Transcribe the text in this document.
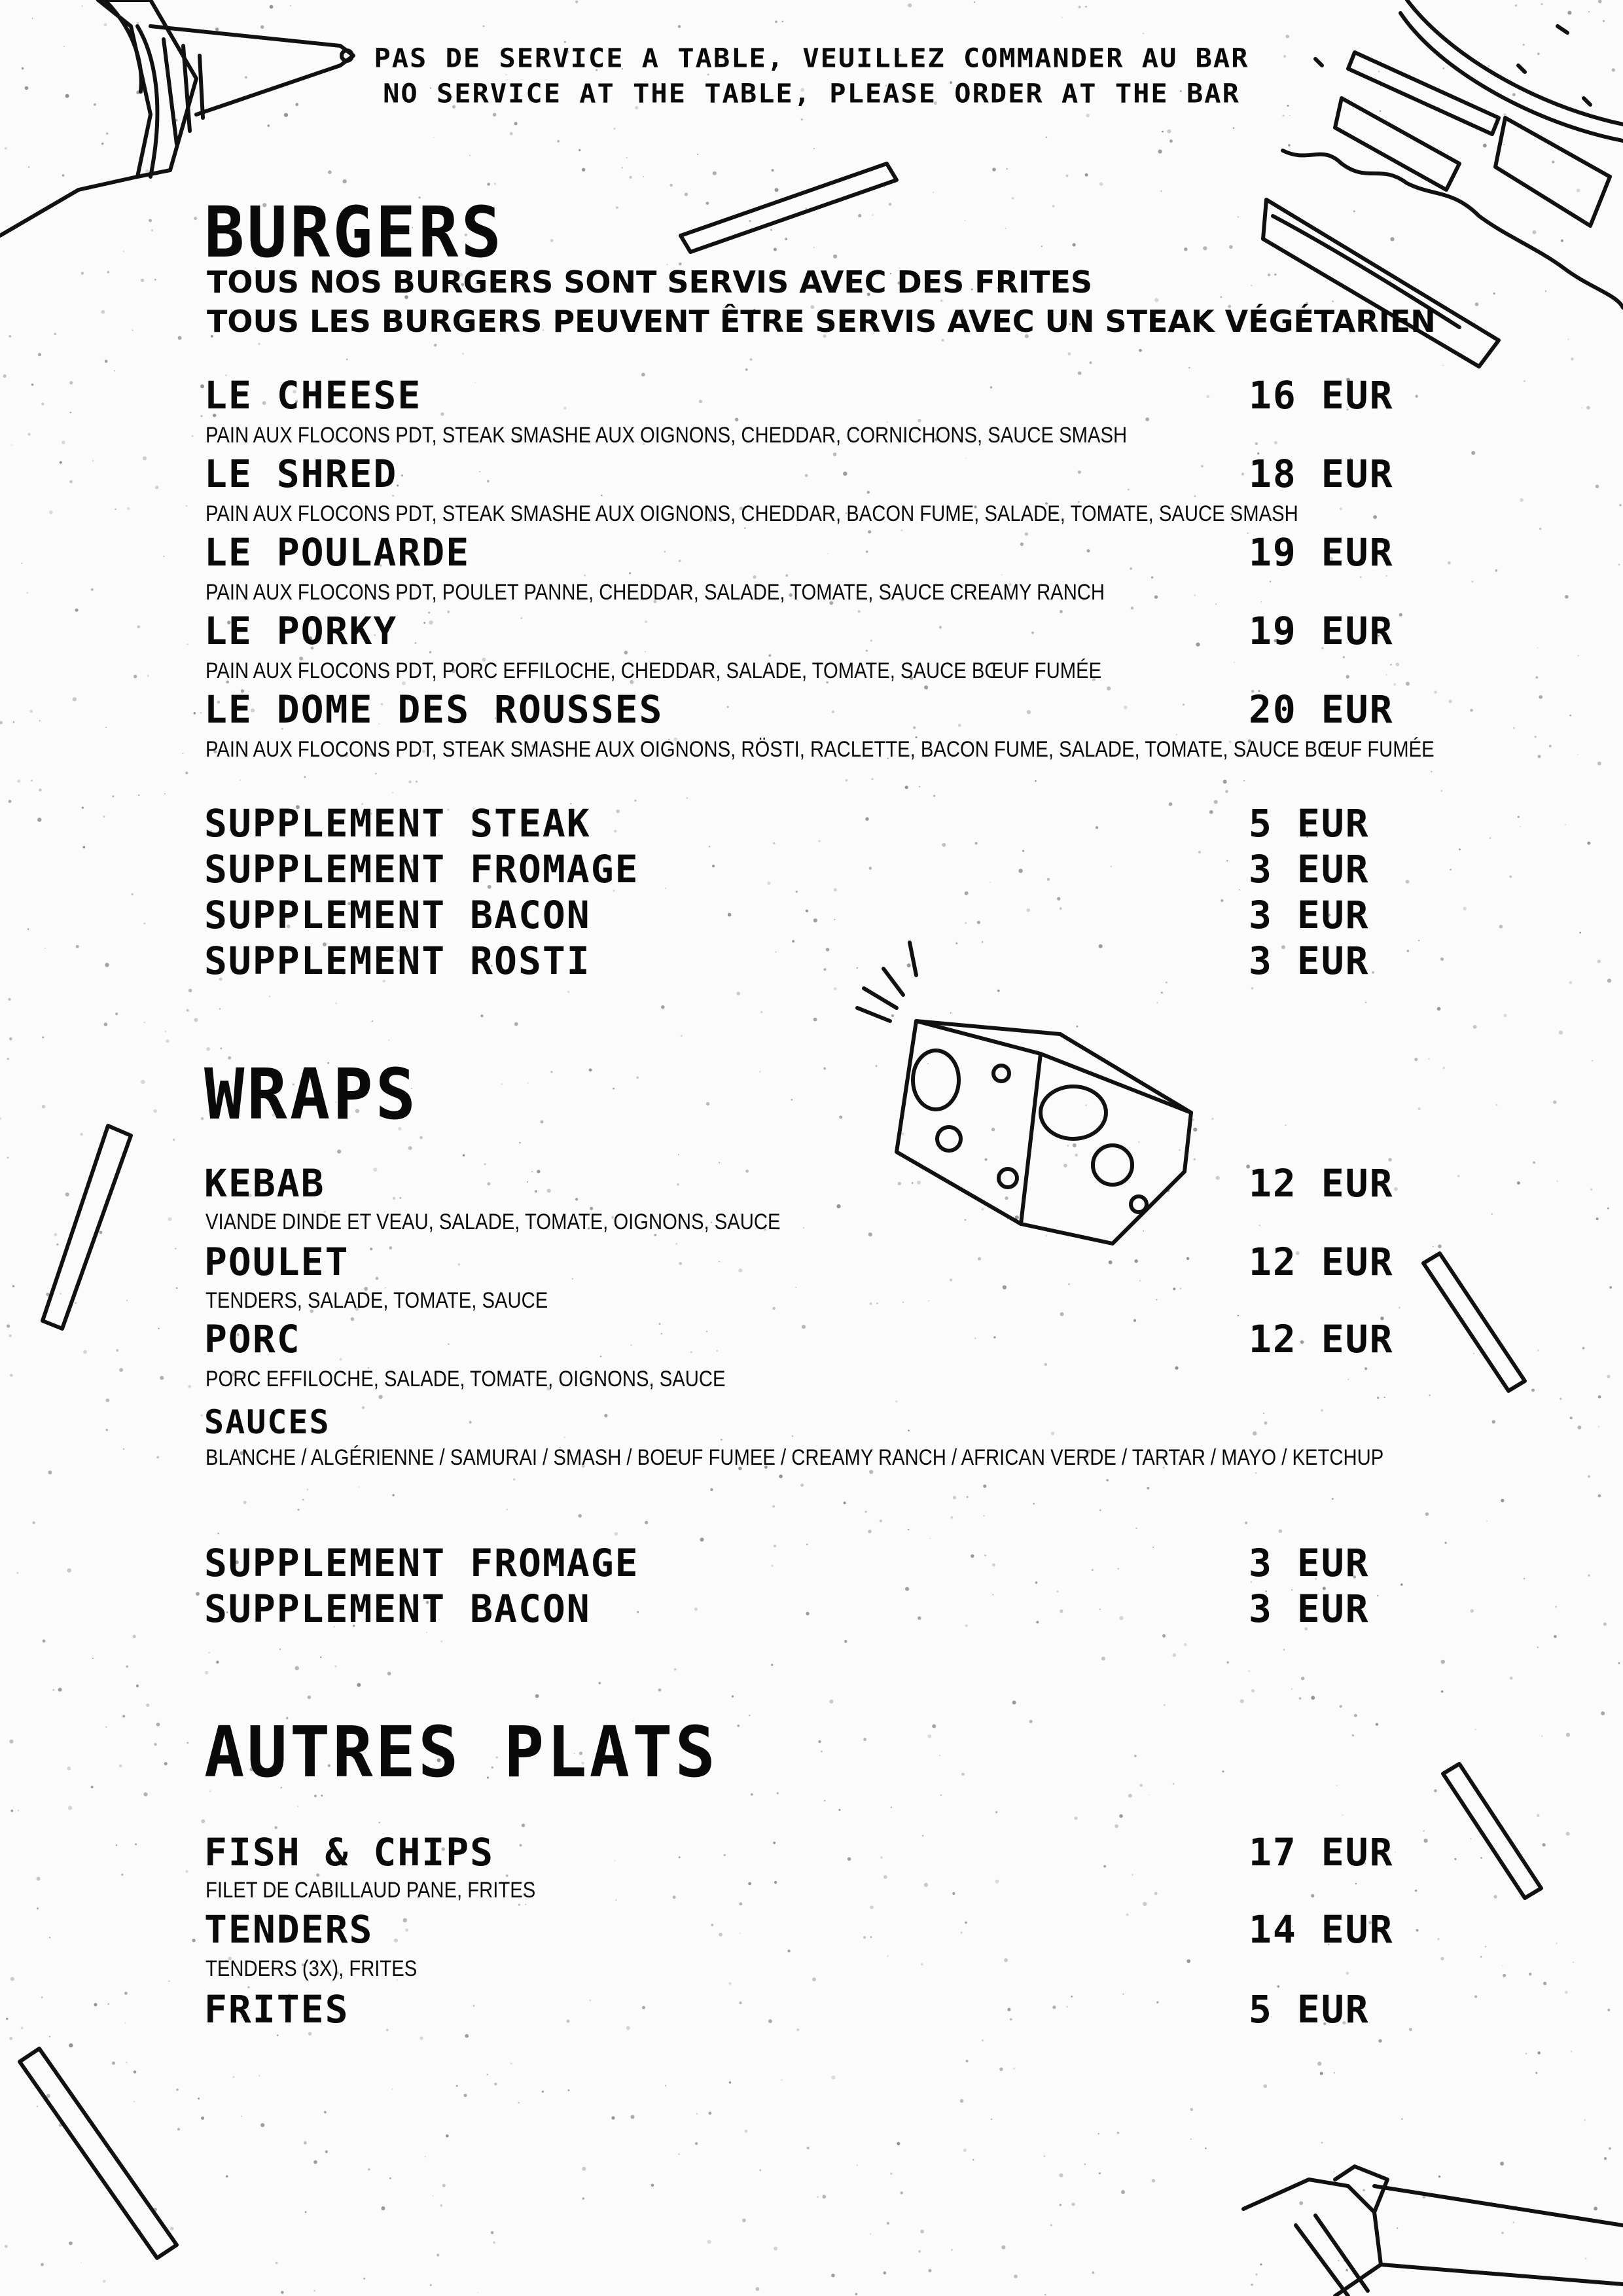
PAS DE SERVICE A TABLE, VEUILLEZ COMMANDER AU BAR
NO SERVICE AT THE TABLE, PLEASE ORDER AT THE BAR
BURGERS
TOUS NOS BURGERS SONT SERVIS AVEC DES FRITES
TOUS LES BURGERS PEUVENT ÊTRE SERVIS AVEC UN STEAK VÉGÉTARIEN
LE CHEESE	16 EUR
PAIN AUX FLOCONS PDT, STEAK SMASHE AUX OIGNONS, CHEDDAR, CORNICHONS, SAUCE SMASH
LE SHRED	18 EUR
PAIN AUX FLOCONS PDT, STEAK SMASHE AUX OIGNONS, CHEDDAR, BACON FUME, SALADE, TOMATE, SAUCE SMASH
LE POULARDE	19 EUR
PAIN AUX FLOCONS PDT, POULET PANNE, CHEDDAR, SALADE, TOMATE, SAUCE CREAMY RANCH
LE PORKY	19 EUR
PAIN AUX FLOCONS PDT, PORC EFFILOCHE, CHEDDAR, SALADE, TOMATE, SAUCE BŒUF FUMÉE
LE DOME DES ROUSSES	20 EUR
PAIN AUX FLOCONS PDT, STEAK SMASHE AUX OIGNONS, RÖSTI, RACLETTE, BACON FUME, SALADE, TOMATE, SAUCE BŒUF FUMÉE
SUPPLEMENT STEAK	5 EUR
SUPPLEMENT FROMAGE	3 EUR
SUPPLEMENT BACON	3 EUR
SUPPLEMENT ROSTI	3 EUR
WRAPS
KEBAB	12 EUR
VIANDE DINDE ET VEAU, SALADE, TOMATE, OIGNONS, SAUCE
POULET	12 EUR
TENDERS, SALADE, TOMATE, SAUCE
PORC	12 EUR
PORC EFFILOCHE, SALADE, TOMATE, OIGNONS, SAUCE
SAUCES
BLANCHE / ALGÉRIENNE / SAMURAI / SMASH / BOEUF FUMEE / CREAMY RANCH / AFRICAN VERDE / TARTAR / MAYO / KETCHUP
SUPPLEMENT FROMAGE	3 EUR
SUPPLEMENT BACON	3 EUR
AUTRES PLATS
FISH & CHIPS	17 EUR
FILET DE CABILLAUD PANE, FRITES
TENDERS	14 EUR
TENDERS (3X), FRITES
FRITES	5 EUR
